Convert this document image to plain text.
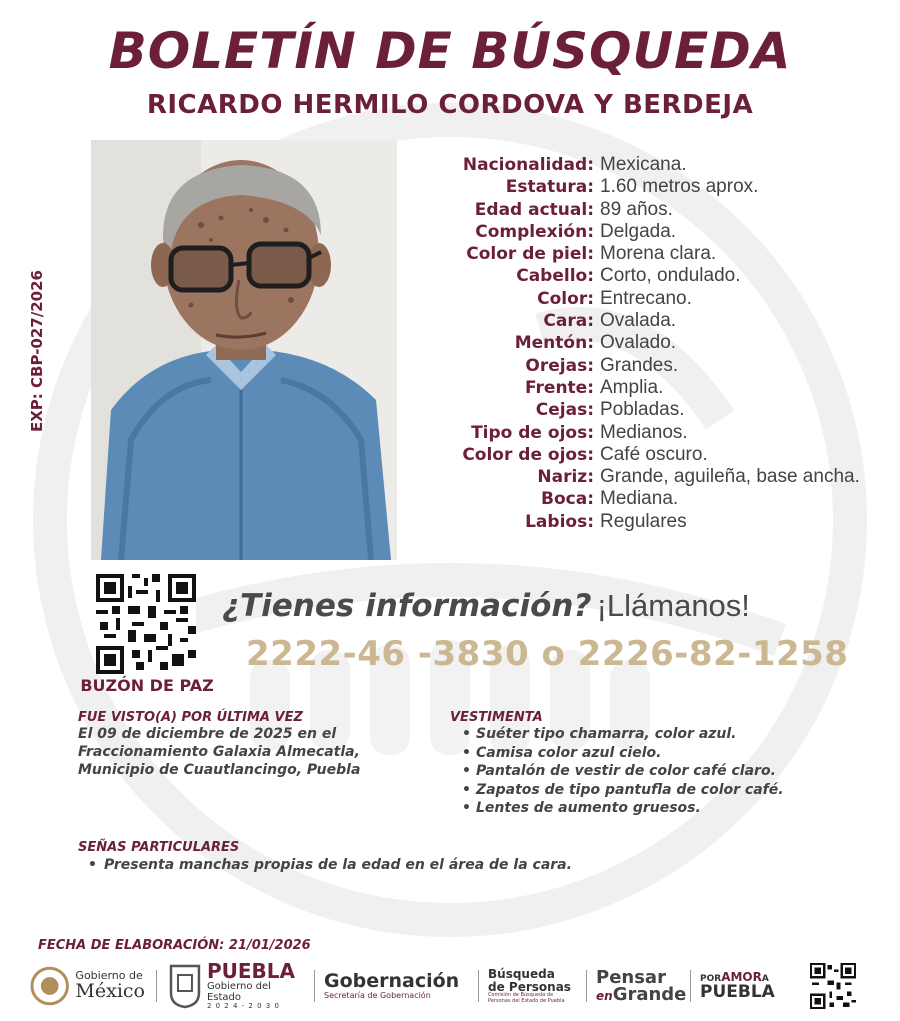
BOLETÍN DE BÚSQUEDA
RICARDO HERMILO CORDOVA Y BERDEJA
EXP: CBP-027/2026
Nacionalidad: Mexicana.
Estatura: 1.60 metros aprox.
Edad actual: 89 años.
Complexión: Delgada.
Color de piel: Morena clara.
Cabello: Corto, ondulado.
Color: Entrecano.
Cara: Ovalada.
Mentón: Ovalado.
Orejas: Grandes.
Frente: Amplia.
Cejas: Pobladas.
Tipo de ojos: Medianos.
Color de ojos: Café oscuro.
Nariz: Grande, aguileña, base ancha.
Boca: Mediana.
Labios: Regulares
BUZÓN DE PAZ
¿Tienes información? ¡Llámanos!
2222-46 -3830 o 2226-82-1258
FUE VISTO(A) POR ÚLTIMA VEZ
El 09 de diciembre de 2025 en el
Fraccionamiento Galaxia Almecatla,
Municipio de Cuautlancingo, Puebla
VESTIMENTA
• Suéter tipo chamarra, color azul.
• Camisa color azul cielo.
• Pantalón de vestir de color café claro.
• Zapatos de tipo pantufla de color café.
• Lentes de aumento gruesos.
SEÑAS PARTICULARES
• Presenta manchas propias de la edad en el área de la cara.
FECHA DE ELABORACIÓN: 21/01/2026
Gobierno de
México
PUEBLA
Gobierno del Estado
2 0 2 4 - 2 0 3 0
Gobernación
Secretaría de Gobernación
Búsqueda
de Personas
Comisión de Búsqueda de Personas del Estado de Puebla
Pensar
enGrande
PORAMORA
PUEBLA
